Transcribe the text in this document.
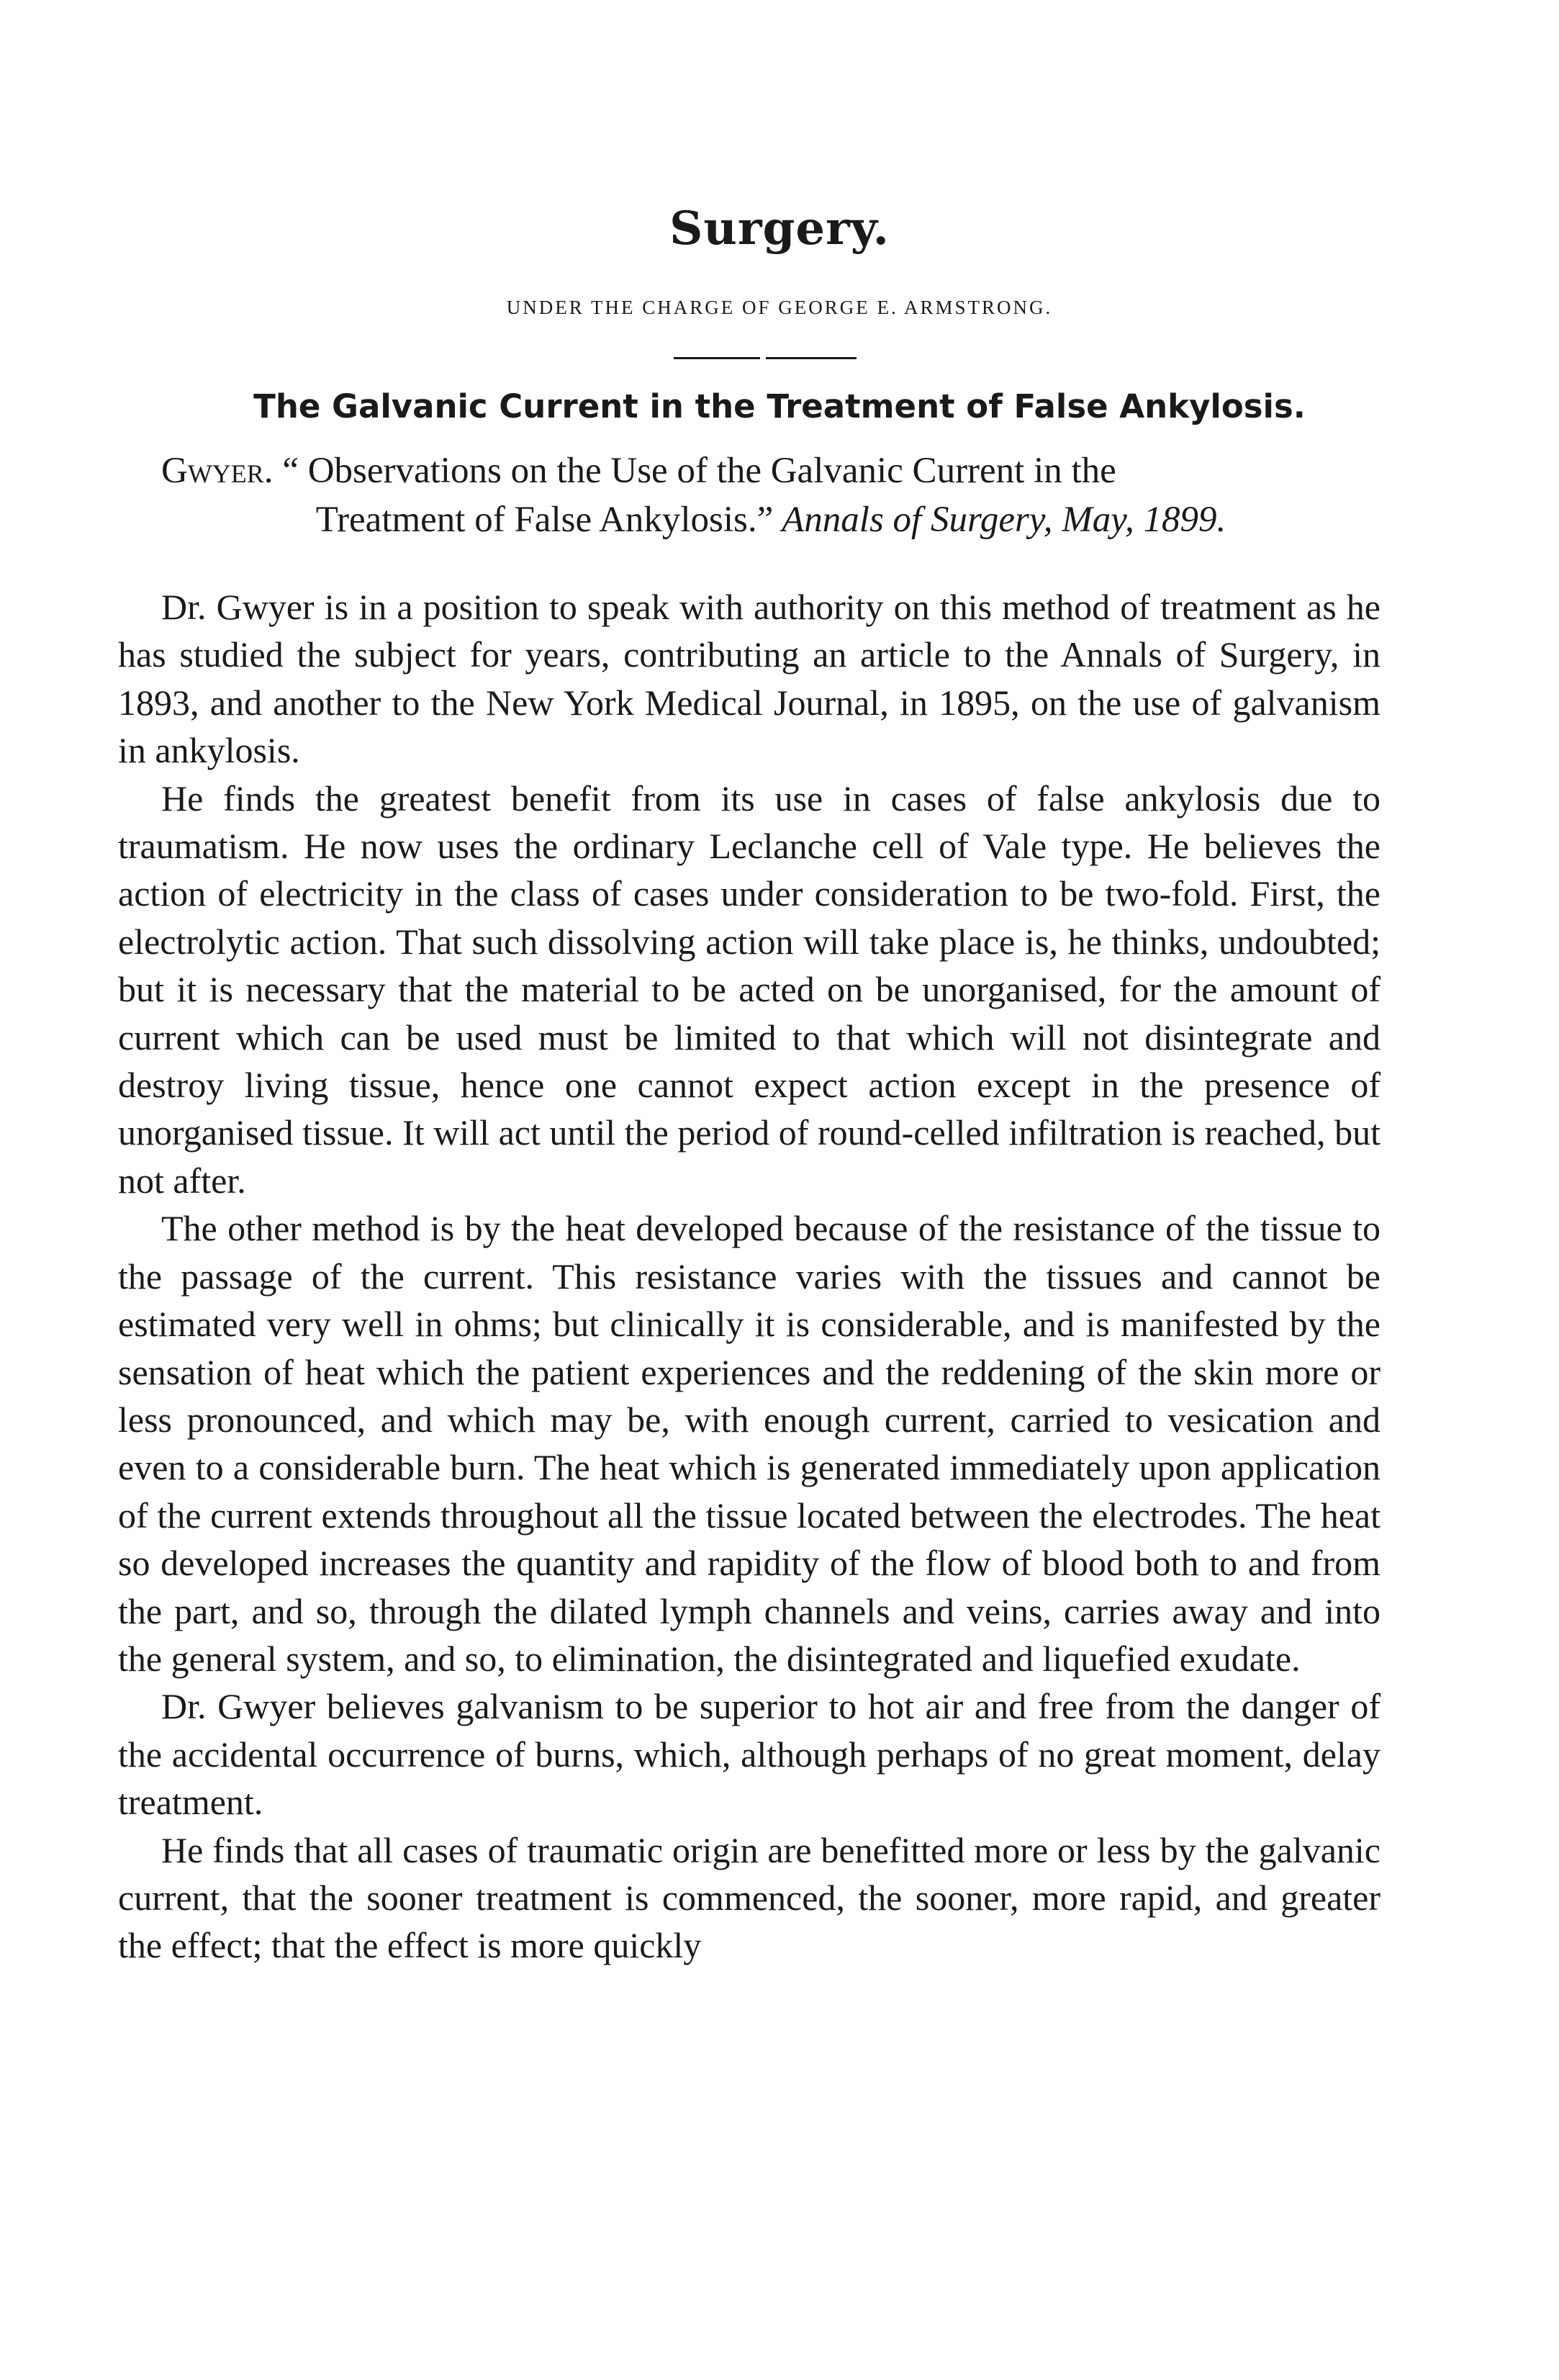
Surgery.
UNDER THE CHARGE OF GEORGE E. ARMSTRONG.
The Galvanic Current in the Treatment of False Ankylosis.
Gwyer. “ Observations on the Use of the Galvanic Current in the
Treatment of False Ankylosis.” Annals of Surgery, May, 1899.

Dr. Gwyer is in a position to speak with authority on this method of treatment as he has studied the subject for years, contributing an article to the Annals of Surgery, in 1893, and another to the New York Medical Journal, in 1895, on the use of galvanism in ankylosis.

He finds the greatest benefit from its use in cases of false ankylosis due to traumatism. He now uses the ordinary Leclanche cell of Vale type. He believes the action of electricity in the class of cases under consideration to be two-fold. First, the electrolytic action. That such dissolving action will take place is, he thinks, undoubted; but it is necessary that the material to be acted on be unorganised, for the amount of current which can be used must be limited to that which will not disintegrate and destroy living tissue, hence one cannot expect action except in the presence of unorganised tissue. It will act until the period of round-celled infiltration is reached, but not after.

The other method is by the heat developed because of the resistance of the tissue to the passage of the current. This resistance varies with the tissues and cannot be estimated very well in ohms; but clinically it is considerable, and is manifested by the sensation of heat which the patient experiences and the reddening of the skin more or less pronounced, and which may be, with enough current, carried to vesication and even to a considerable burn. The heat which is generated immediately upon application of the current extends throughout all the tissue located between the electrodes. The heat so developed increases the quantity and rapidity of the flow of blood both to and from the part, and so, through the dilated lymph channels and veins, carries away and into the general system, and so, to elimination, the disintegrated and liquefied exudate.

Dr. Gwyer believes galvanism to be superior to hot air and free from the danger of the accidental occurrence of burns, which, although perhaps of no great moment, delay treatment.

He finds that all cases of traumatic origin are benefitted more or less by the galvanic current, that the sooner treatment is commenced, the sooner, more rapid, and greater the effect; that the effect is more quickly
